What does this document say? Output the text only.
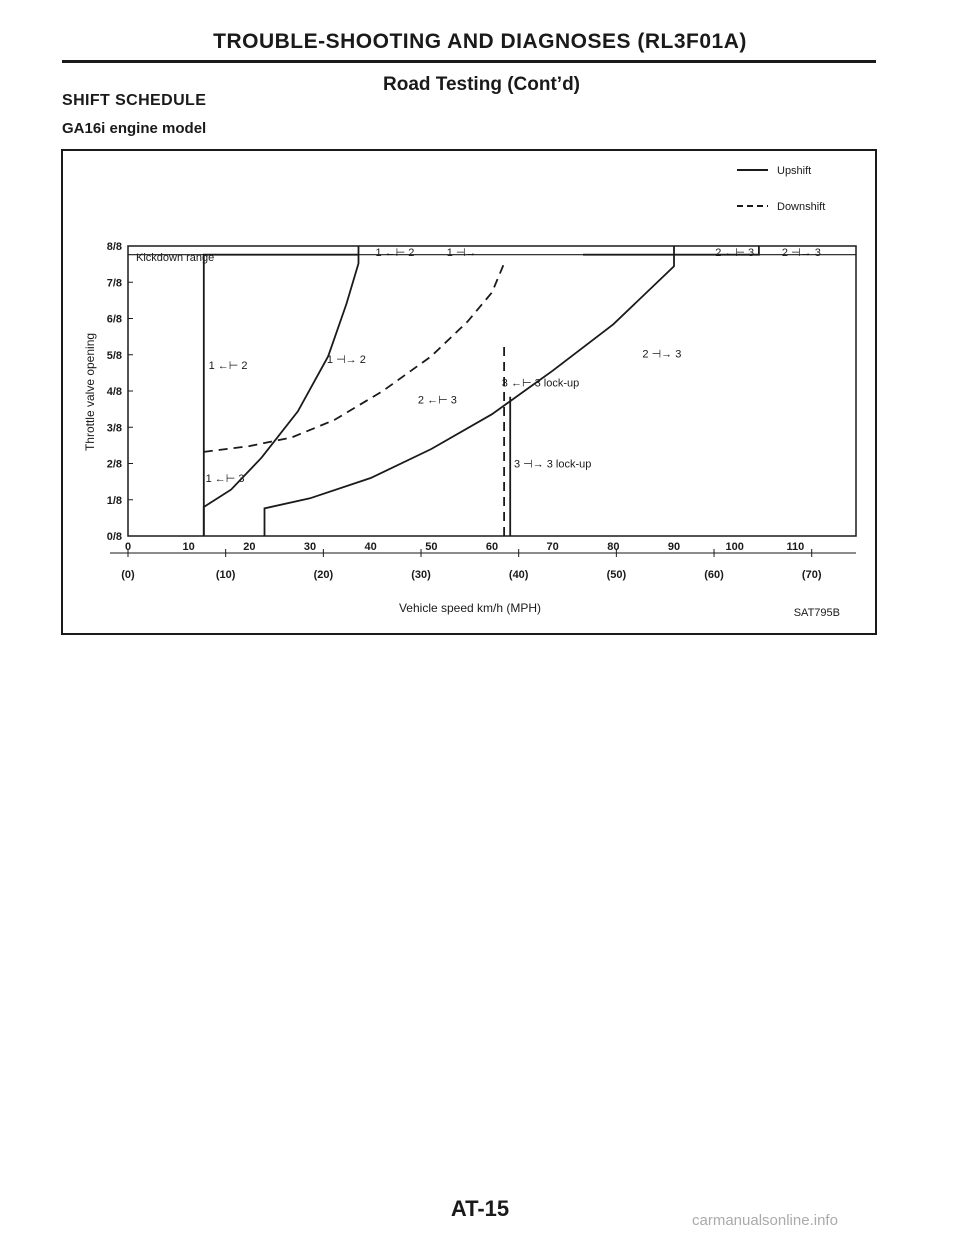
TROUBLE-SHOOTING AND DIAGNOSES (RL3F01A)
Road Testing (Cont’d)
SHIFT SCHEDULE
GA16i engine model
0/8
1/8
2/8
3/8
4/8
5/8
6/8
7/8
8/8
0	10	20	30	40	50	60	70	80	90	100	110
(0)	(10)	(20)	(30)	(40)	(50)	(60)	(70)
1 ←⊢ 2
1 ←⊢ 3
1 ⊣→ 2
2 ←⊢ 3
3 ←⊢ 3 lock-up
2 ⊣→ 3
3 ⊣→ 3 lock-up
1 ←⊢ 2	1 ⊣→	2 ←⊢ 3	2 ⊣→ 3
Vehicle speed km/h (MPH)	SAT795B
Throttle valve opening
Upshift
Downshift
Kickdown range
AT-15	carmanualsonline.info
